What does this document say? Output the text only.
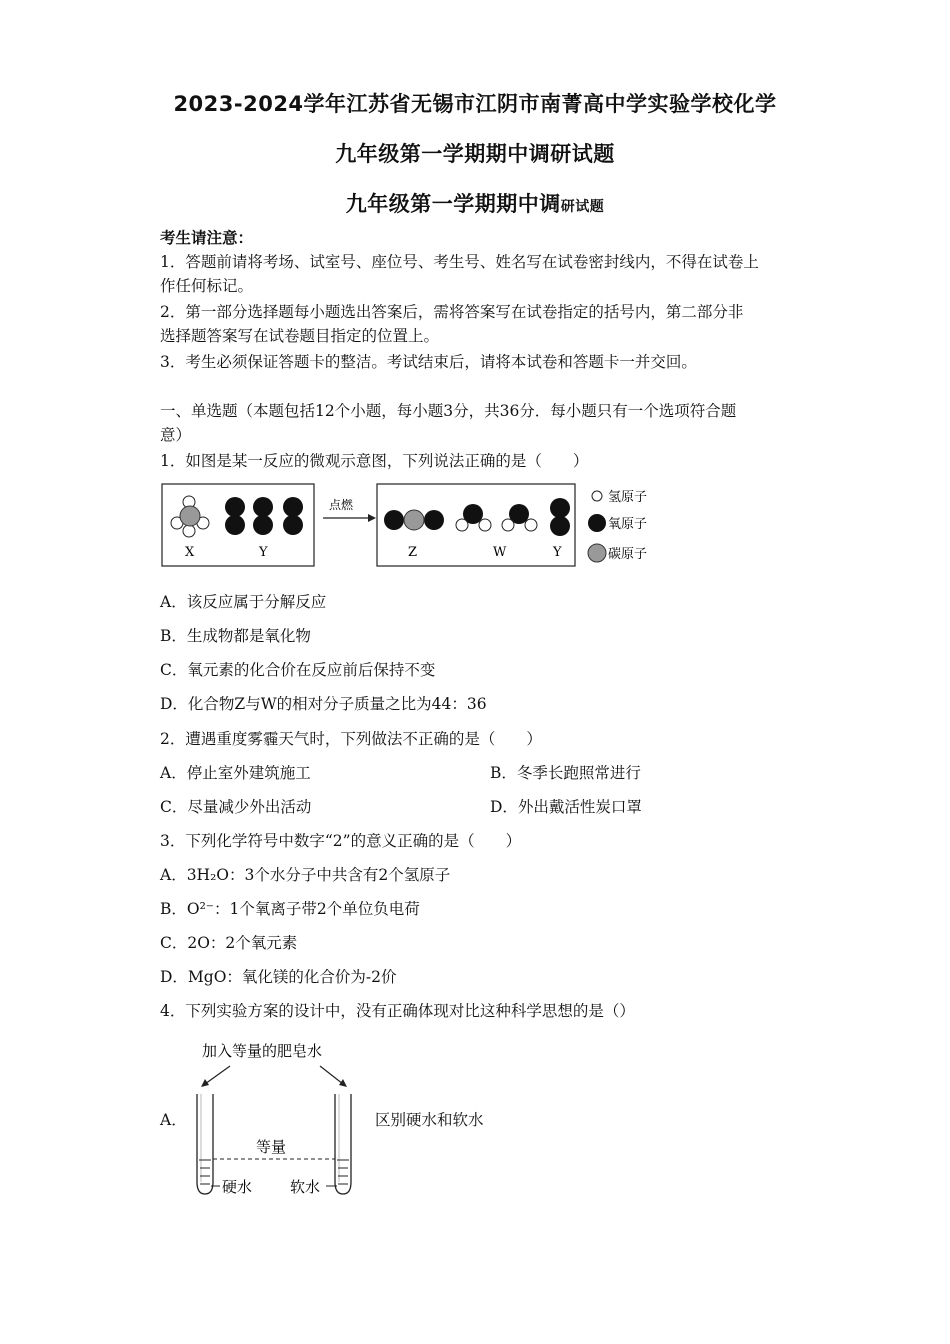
2023-2024学年江苏省无锡市江阴市南菁高中学实验学校化学
九年级第一学期期中调研试题
九年级第一学期期中调研试题
考生请注意：
1．答题前请将考场、试室号、座位号、考生号、姓名写在试卷密封线内，不得在试卷上
作任何标记。
2．第一部分选择题每小题选出答案后，需将答案写在试卷指定的括号内，第二部分非
选择题答案写在试卷题目指定的位置上。
3．考生必须保证答题卡的整洁。考试结束后，请将本试卷和答题卡一并交回。
一、单选题（本题包括12个小题，每小题3分，共36分．每小题只有一个选项符合题
意）
1．如图是某一反应的微观示意图，下列说法正确的是（　　）
X	Y
点燃
Z	W	Y
氢原子
氧原子
碳原子
A．该反应属于分解反应
B．生成物都是氧化物
C．氧元素的化合价在反应前后保持不变
D．化合物Z与W的相对分子质量之比为44：36
2．遭遇重度雾霾天气时，下列做法不正确的是（　　）
A．停止室外建筑施工	B．冬季长跑照常进行
C．尽量减少外出活动	D．外出戴活性炭口罩
3．下列化学符号中数字“2”的意义正确的是（　　）
A．3H₂O：3个水分子中共含有2个氢原子
B．O²⁻：1个氧离子带2个单位负电荷
C．2O：2个氧元素
D．MgO：氧化镁的化合价为-2价
4．下列实验方案的设计中，没有正确体现对比这种科学思想的是（）
A．	区别硬水和软水
加入等量的肥皂水
等量
硬水	软水
